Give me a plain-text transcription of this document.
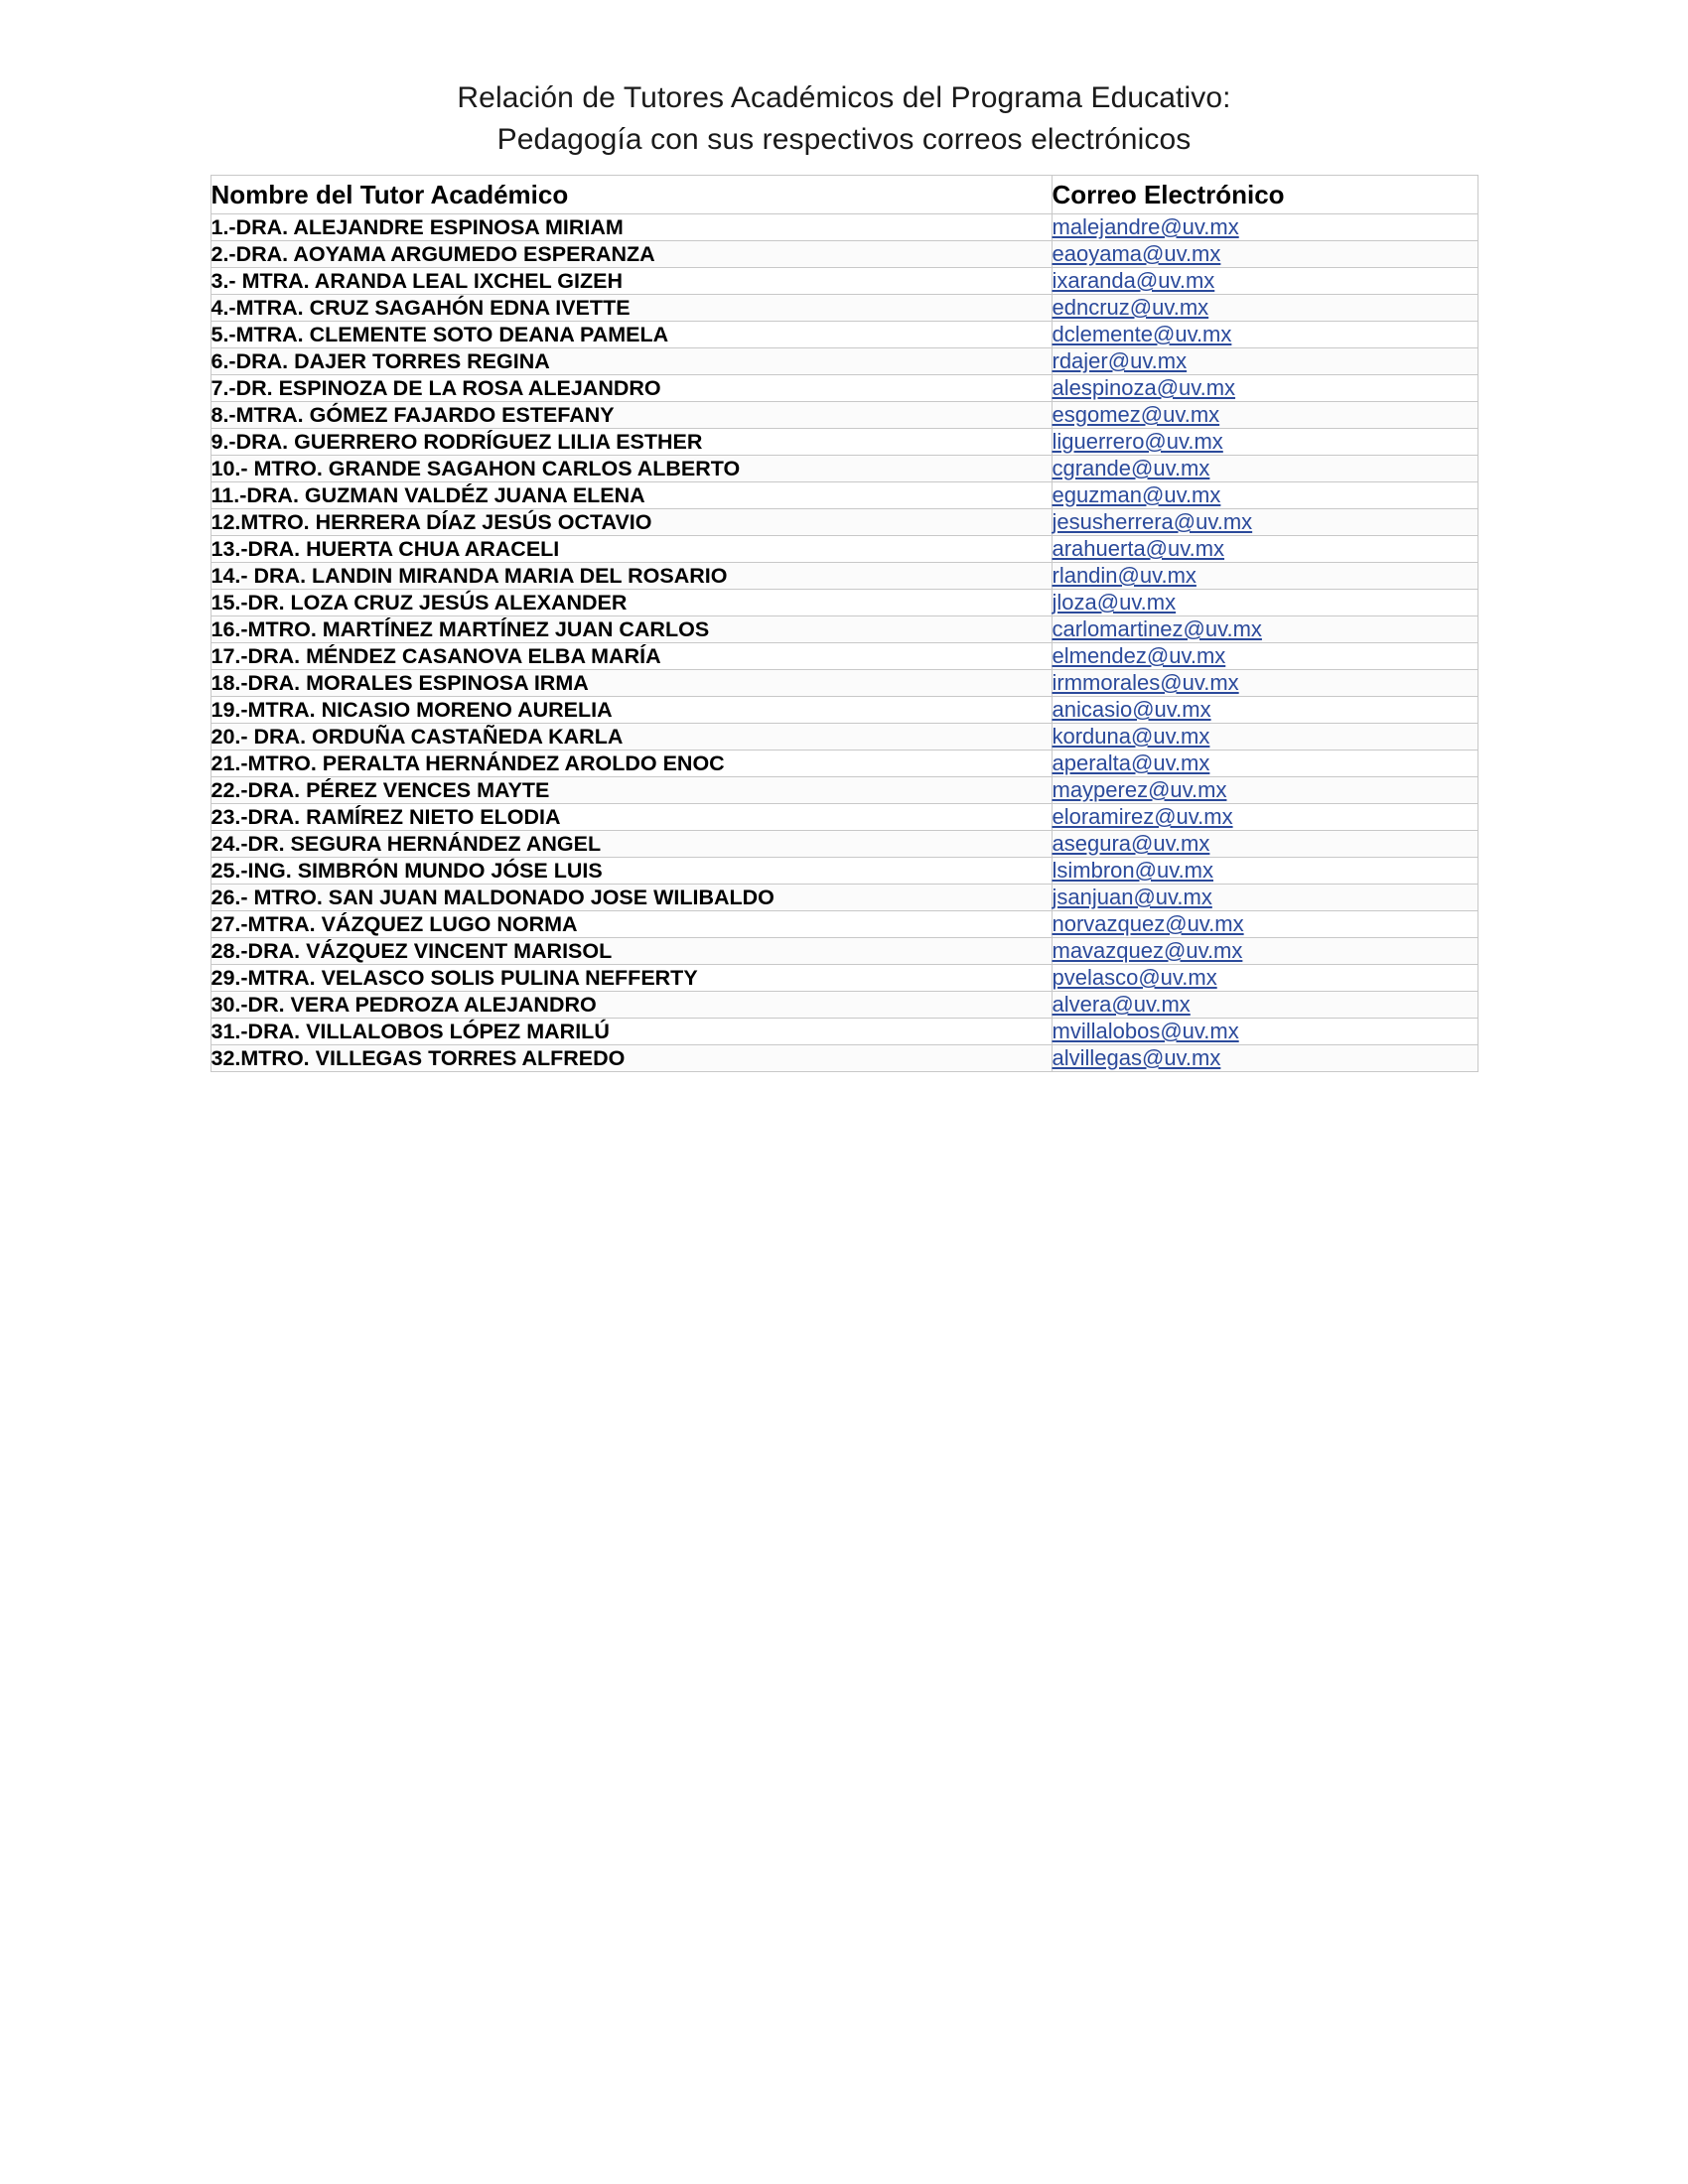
Relación de Tutores Académicos del Programa Educativo:
Pedagogía con sus respectivos correos electrónicos
Nombre del Tutor Académico	Correo Electrónico
1.-DRA. ALEJANDRE ESPINOSA MIRIAM	malejandre@uv.mx
2.-DRA. AOYAMA ARGUMEDO ESPERANZA	eaoyama@uv.mx
3.- MTRA. ARANDA LEAL IXCHEL GIZEH	ixaranda@uv.mx
4.-MTRA. CRUZ SAGAHÓN EDNA IVETTE	edncruz@uv.mx
5.-MTRA. CLEMENTE SOTO DEANA PAMELA	dclemente@uv.mx
6.-DRA. DAJER TORRES REGINA	rdajer@uv.mx
7.-DR. ESPINOZA DE LA ROSA ALEJANDRO	alespinoza@uv.mx
8.-MTRA. GÓMEZ FAJARDO ESTEFANY	esgomez@uv.mx
9.-DRA. GUERRERO RODRÍGUEZ LILIA ESTHER	liguerrero@uv.mx
10.- MTRO. GRANDE SAGAHON CARLOS ALBERTO	cgrande@uv.mx
11.-DRA. GUZMAN VALDÉZ JUANA ELENA	eguzman@uv.mx
12.MTRO. HERRERA DÍAZ JESÚS OCTAVIO	jesusherrera@uv.mx
13.-DRA. HUERTA CHUA ARACELI	arahuerta@uv.mx
14.- DRA. LANDIN MIRANDA MARIA DEL ROSARIO	rlandin@uv.mx
15.-DR. LOZA CRUZ JESÚS ALEXANDER	jloza@uv.mx
16.-MTRO. MARTÍNEZ MARTÍNEZ JUAN CARLOS	carlomartinez@uv.mx
17.-DRA. MÉNDEZ CASANOVA ELBA MARÍA	elmendez@uv.mx
18.-DRA. MORALES ESPINOSA IRMA	irmmorales@uv.mx
19.-MTRA. NICASIO MORENO AURELIA	anicasio@uv.mx
20.- DRA. ORDUÑA CASTAÑEDA KARLA	korduna@uv.mx
21.-MTRO. PERALTA HERNÁNDEZ AROLDO ENOC	aperalta@uv.mx
22.-DRA. PÉREZ VENCES MAYTE	mayperez@uv.mx
23.-DRA. RAMÍREZ NIETO ELODIA	eloramirez@uv.mx
24.-DR. SEGURA HERNÁNDEZ ANGEL	asegura@uv.mx
25.-ING. SIMBRÓN MUNDO JÓSE LUIS	lsimbron@uv.mx
26.- MTRO. SAN JUAN MALDONADO JOSE WILIBALDO	jsanjuan@uv.mx
27.-MTRA. VÁZQUEZ LUGO NORMA	norvazquez@uv.mx
28.-DRA. VÁZQUEZ VINCENT MARISOL	mavazquez@uv.mx
29.-MTRA. VELASCO SOLIS PULINA NEFFERTY	pvelasco@uv.mx
30.-DR. VERA PEDROZA ALEJANDRO	alvera@uv.mx
31.-DRA. VILLALOBOS LÓPEZ MARILÚ	mvillalobos@uv.mx
32.MTRO. VILLEGAS TORRES ALFREDO	alvillegas@uv.mx
